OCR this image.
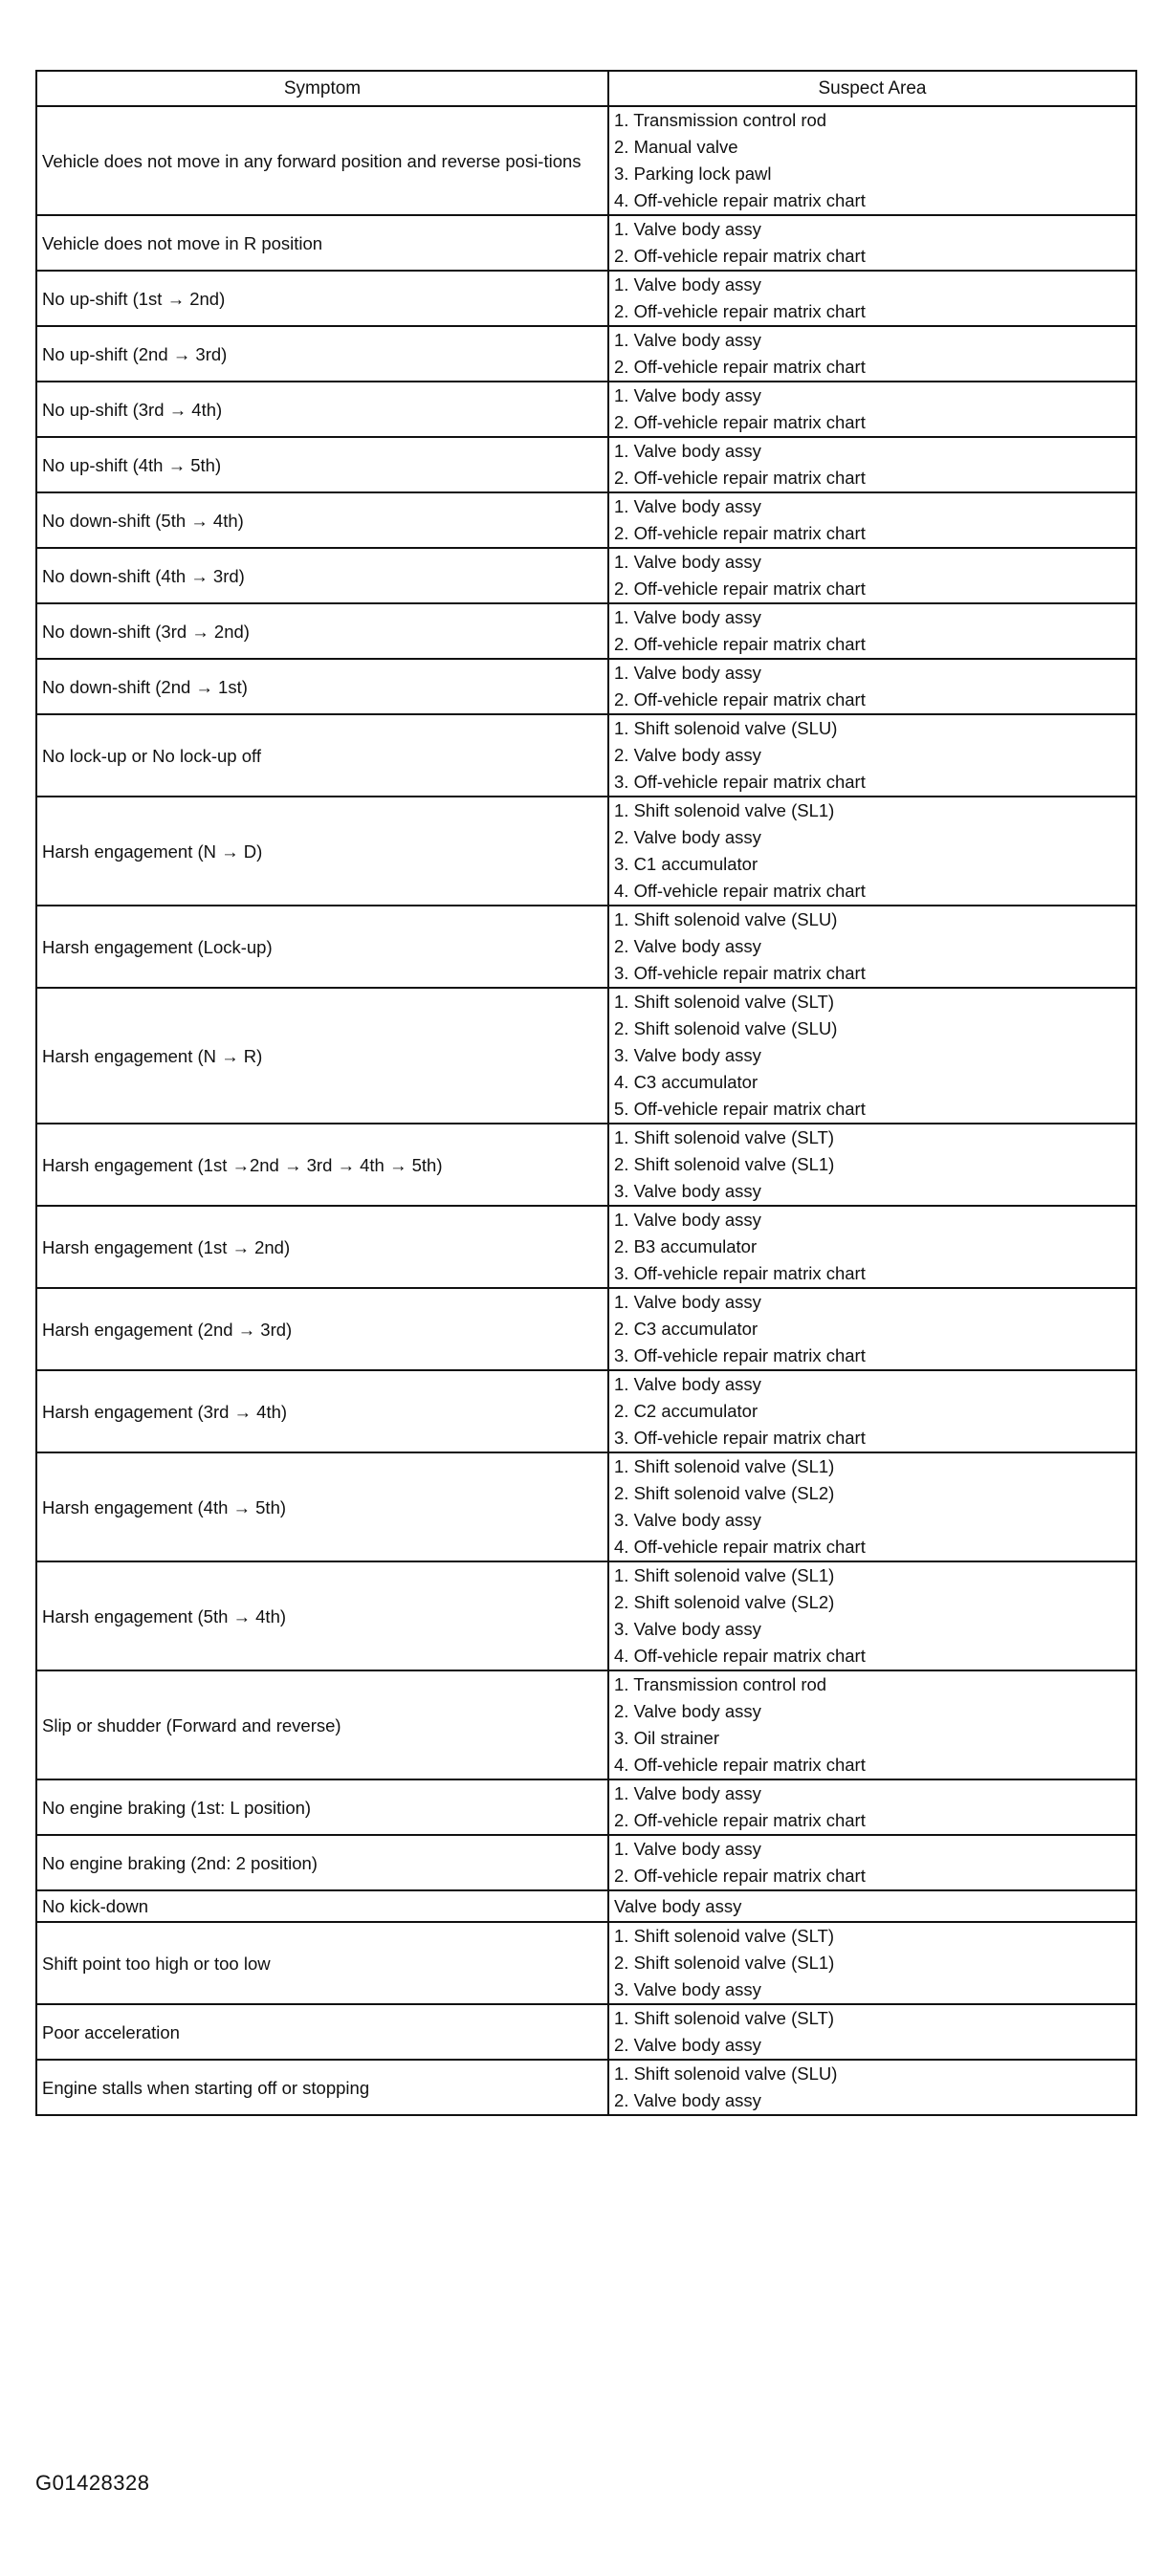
Symptom	Suspect Area
Vehicle does not move in any forward position and reverse posi-tions	1. Transmission control rod
2. Manual valve
3. Parking lock pawl
4. Off-vehicle repair matrix chart

Vehicle does not move in R position	1. Valve body assy
2. Off-vehicle repair matrix chart

No up-shift (1st → 2nd)	1. Valve body assy
2. Off-vehicle repair matrix chart

No up-shift (2nd → 3rd)	1. Valve body assy
2. Off-vehicle repair matrix chart

No up-shift (3rd → 4th)	1. Valve body assy
2. Off-vehicle repair matrix chart

No up-shift (4th → 5th)	1. Valve body assy
2. Off-vehicle repair matrix chart

No down-shift (5th → 4th)	1. Valve body assy
2. Off-vehicle repair matrix chart

No down-shift (4th → 3rd)	1. Valve body assy
2. Off-vehicle repair matrix chart

No down-shift (3rd → 2nd)	1. Valve body assy
2. Off-vehicle repair matrix chart

No down-shift (2nd → 1st)	1. Valve body assy
2. Off-vehicle repair matrix chart

No lock-up or No lock-up off	1. Shift solenoid valve (SLU)
2. Valve body assy
3. Off-vehicle repair matrix chart

Harsh engagement (N → D)	1. Shift solenoid valve (SL1)
2. Valve body assy
3. C1 accumulator
4. Off-vehicle repair matrix chart

Harsh engagement (Lock-up)	1. Shift solenoid valve (SLU)
2. Valve body assy
3. Off-vehicle repair matrix chart

Harsh engagement (N → R)	1. Shift solenoid valve (SLT)
2. Shift solenoid valve (SLU)
3. Valve body assy
4. C3 accumulator
5. Off-vehicle repair matrix chart

Harsh engagement (1st →2nd → 3rd → 4th → 5th)	1. Shift solenoid valve (SLT)
2. Shift solenoid valve (SL1)
3. Valve body assy

Harsh engagement (1st → 2nd)	1. Valve body assy
2. B3 accumulator
3. Off-vehicle repair matrix chart

Harsh engagement (2nd → 3rd)	1. Valve body assy
2. C3 accumulator
3. Off-vehicle repair matrix chart

Harsh engagement (3rd → 4th)	1. Valve body assy
2. C2 accumulator
3. Off-vehicle repair matrix chart

Harsh engagement (4th → 5th)	1. Shift solenoid valve (SL1)
2. Shift solenoid valve (SL2)
3. Valve body assy
4. Off-vehicle repair matrix chart

Harsh engagement (5th → 4th)	1. Shift solenoid valve (SL1)
2. Shift solenoid valve (SL2)
3. Valve body assy
4. Off-vehicle repair matrix chart

Slip or shudder (Forward and reverse)	1. Transmission control rod
2. Valve body assy
3. Oil strainer
4. Off-vehicle repair matrix chart

No engine braking (1st: L position)	1. Valve body assy
2. Off-vehicle repair matrix chart

No engine braking (2nd: 2 position)	1. Valve body assy
2. Off-vehicle repair matrix chart

No kick-down	Valve body assy

Shift point too high or too low	1. Shift solenoid valve (SLT)
2. Shift solenoid valve (SL1)
3. Valve body assy

Poor acceleration	1. Shift solenoid valve (SLT)
2. Valve body assy

Engine stalls when starting off or stopping	1. Shift solenoid valve (SLU)
2. Valve body assy
G01428328
